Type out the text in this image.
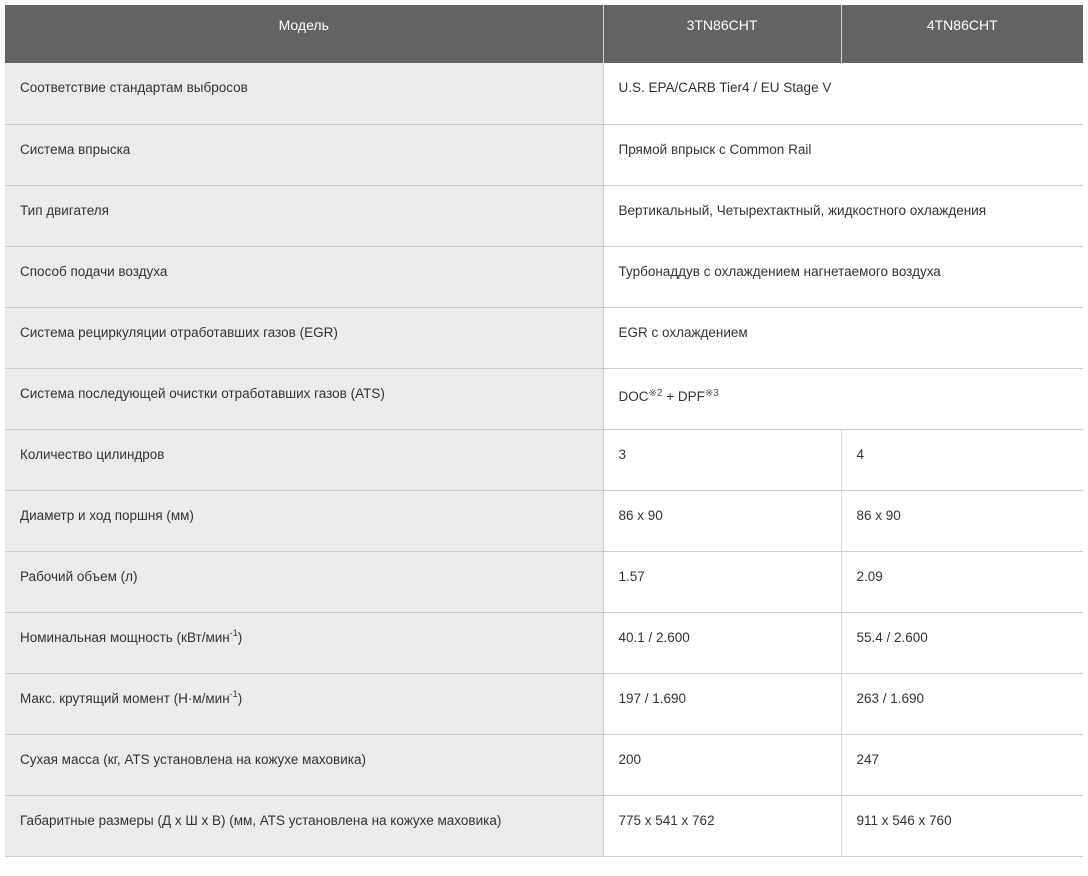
Модель	3TN86CHT	4TN86CHT
Соответствие стандартам выбросов	U.S. EPA/CARB Tier4 / EU Stage V	
Система впрыска	Прямой впрыск с Common Rail	
Тип двигателя	Вертикальный, Четырехтактный, жидкостного охлаждения	
Способ подачи воздуха	Турбонаддув с охлаждением нагнетаемого воздуха	
Система рециркуляции отработавших газов (EGR)	EGR с охлаждением	
Система последующей очистки отработавших газов (ATS)	$DOC^{※2} + DPF^{※3}$
Количество цилиндров	3	4
Диаметр и ход поршня (мм)	86 x 90	86 x 90
Рабочий объем (л)	1.57	2.09
Номинальная мощность (кВт/мин$^{-1}$)	40.1 / 2.600	55.4 / 2.600
Макс. крутящий момент (Н·м/мин$^{-1}$)	197 / 1.690	263 / 1.690
Сухая масса (кг, ATS установлена на кожухе маховика)	200	247
Габаритные размеры (Д x Ш x В) (мм, ATS установлена на кожухе маховика)	775 x 541 x 762	911 x 546 x 760
